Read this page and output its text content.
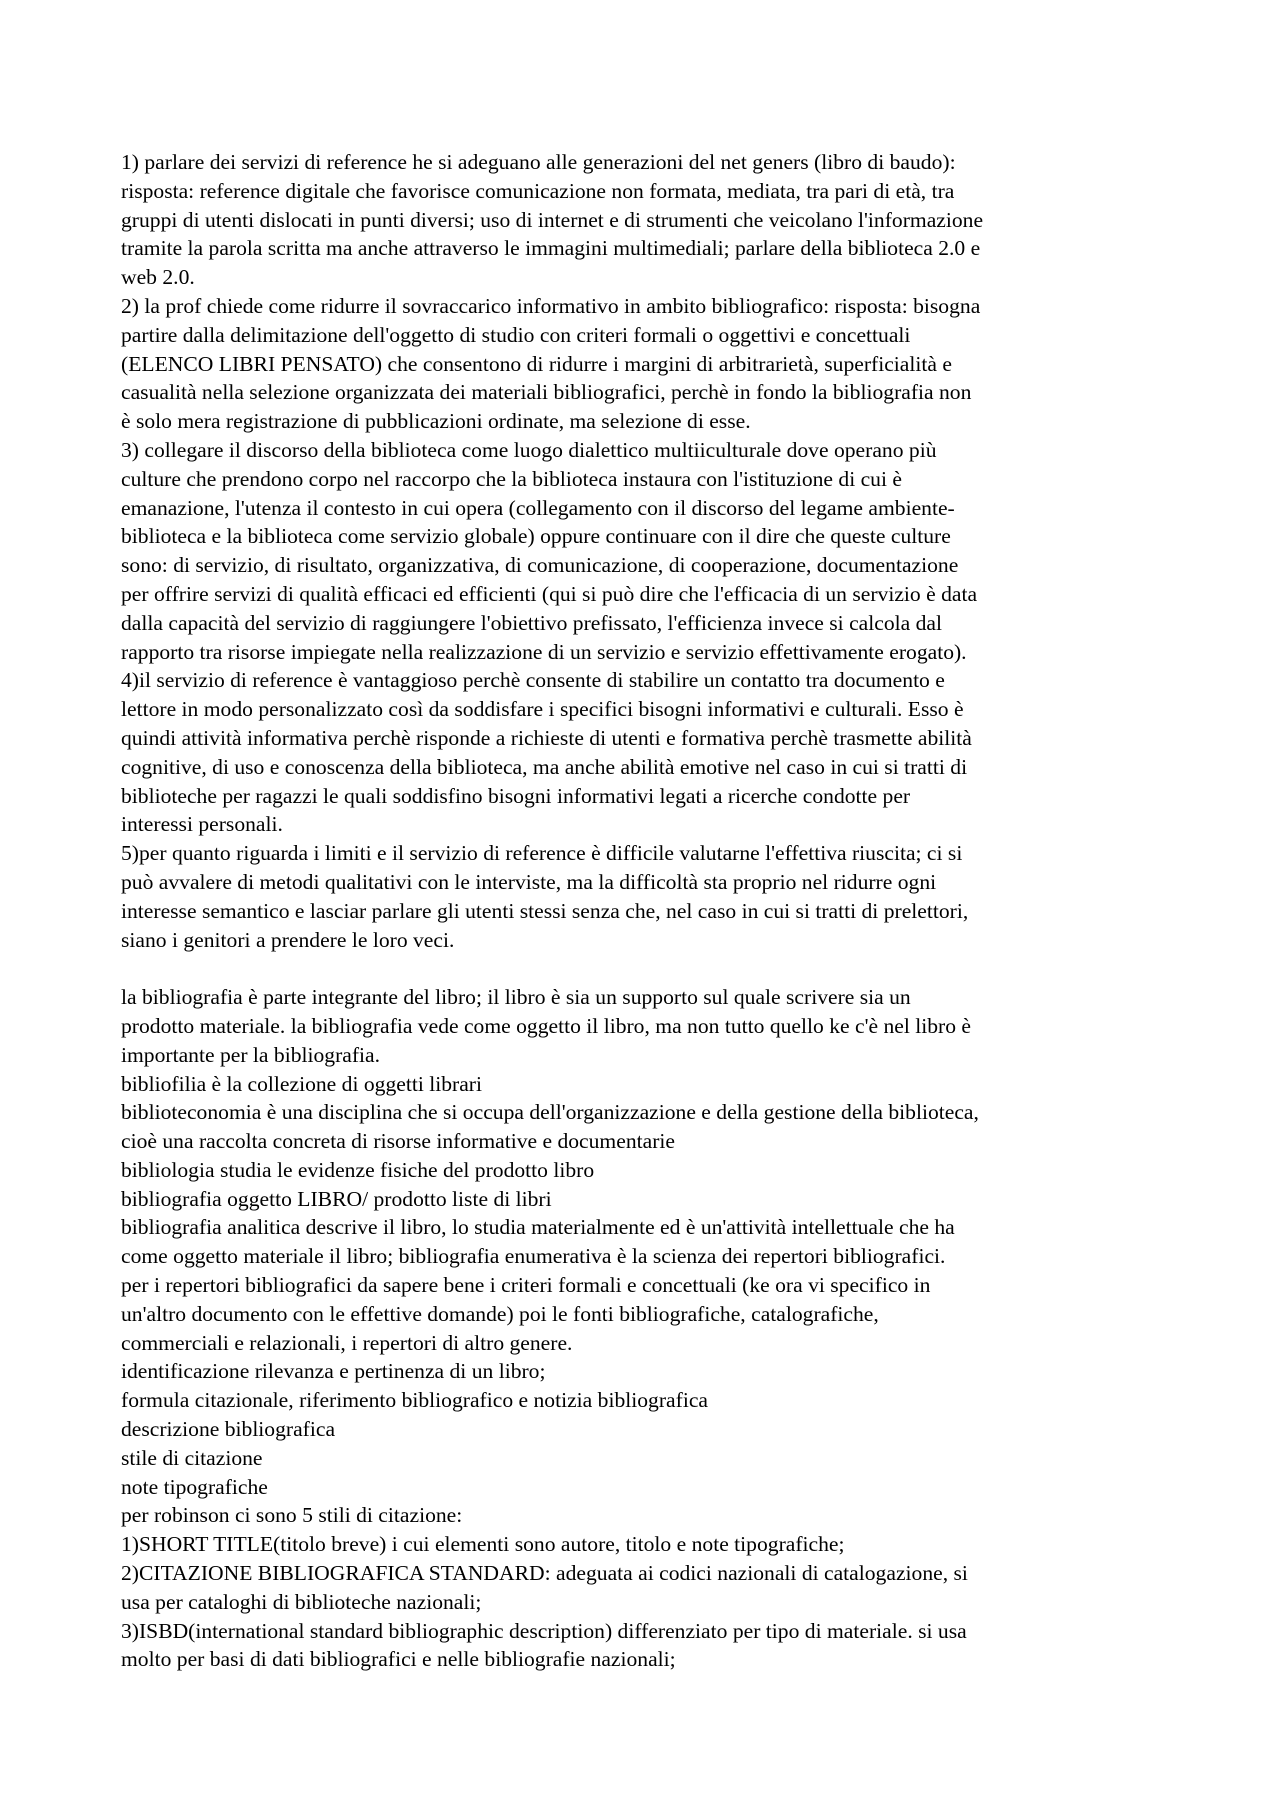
1) parlare dei servizi di reference he si adeguano alle generazioni del net geners (libro di baudo):
risposta: reference digitale che favorisce comunicazione non formata, mediata, tra pari di età, tra
gruppi di utenti dislocati in punti diversi; uso di internet e di strumenti che veicolano l'informazione
tramite la parola scritta ma anche attraverso le immagini multimediali; parlare della biblioteca 2.0 e
web 2.0.

2) la prof chiede come ridurre il sovraccarico informativo in ambito bibliografico: risposta: bisogna
partire dalla delimitazione dell'oggetto di studio con criteri formali o oggettivi e concettuali
(ELENCO LIBRI PENSATO) che consentono di ridurre i margini di arbitrarietà, superficialità e
casualità nella selezione organizzata dei materiali bibliografici, perchè in fondo la bibliografia non
è solo mera registrazione di pubblicazioni ordinate, ma selezione di esse.

3) collegare il discorso della biblioteca come luogo dialettico multiiculturale dove operano più
culture che prendono corpo nel raccorpo che la biblioteca instaura con l'istituzione di cui è
emanazione, l'utenza il contesto in cui opera (collegamento con il discorso del legame ambiente-
biblioteca e la biblioteca come servizio globale) oppure continuare con il dire che queste culture
sono: di servizio, di risultato, organizzativa, di comunicazione, di cooperazione, documentazione
per offrire servizi di qualità efficaci ed efficienti (qui si può dire che l'efficacia di un servizio è data
dalla capacità del servizio di raggiungere l'obiettivo prefissato, l'efficienza invece si calcola dal
rapporto tra risorse impiegate nella realizzazione di un servizio e servizio effettivamente erogato).

4)il servizio di reference è vantaggioso perchè consente di stabilire un contatto tra documento e
lettore in modo personalizzato così da soddisfare i specifici bisogni informativi e culturali. Esso è
quindi attività informativa perchè risponde a richieste di utenti e formativa perchè trasmette abilità
cognitive, di uso e conoscenza della biblioteca, ma anche abilità emotive nel caso in cui si tratti di
biblioteche per ragazzi le quali soddisfino bisogni informativi legati a ricerche condotte per
interessi personali.

5)per quanto riguarda i limiti e il servizio di reference è difficile valutarne l'effettiva riuscita; ci si
può avvalere di metodi qualitativi con le interviste, ma la difficoltà sta proprio nel ridurre ogni
interesse semantico e lasciar parlare gli utenti stessi senza che, nel caso in cui si tratti di prelettori,
siano i genitori a prendere le loro veci.

la bibliografia è parte integrante del libro; il libro è sia un supporto sul quale scrivere sia un
prodotto materiale. la bibliografia vede come oggetto il libro, ma non tutto quello ke c'è nel libro è
importante per la bibliografia.

bibliofilia è la collezione di oggetti librari

biblioteconomia è una disciplina che si occupa dell'organizzazione e della gestione della biblioteca,
cioè una raccolta concreta di risorse informative e documentarie

bibliologia studia le evidenze fisiche del prodotto libro

bibliografia oggetto LIBRO/ prodotto liste di libri

bibliografia analitica descrive il libro, lo studia materialmente ed è un'attività intellettuale che ha
come oggetto materiale il libro; bibliografia enumerativa è la scienza dei repertori bibliografici.

per i repertori bibliografici da sapere bene i criteri formali e concettuali (ke ora vi specifico in
un'altro documento con le effettive domande) poi le fonti bibliografiche, catalografiche,
commerciali e relazionali, i repertori di altro genere.

identificazione rilevanza e pertinenza di un libro;

formula citazionale, riferimento bibliografico e notizia bibliografica

descrizione bibliografica

stile di citazione

note tipografiche

per robinson ci sono 5 stili di citazione:

1)SHORT TITLE(titolo breve) i cui elementi sono autore, titolo e note tipografiche;

2)CITAZIONE BIBLIOGRAFICA STANDARD: adeguata ai codici nazionali di catalogazione, si
usa per cataloghi di biblioteche nazionali;

3)ISBD(international standard bibliographic description) differenziato per tipo di materiale. si usa
molto per basi di dati bibliografici e nelle bibliografie nazionali;
